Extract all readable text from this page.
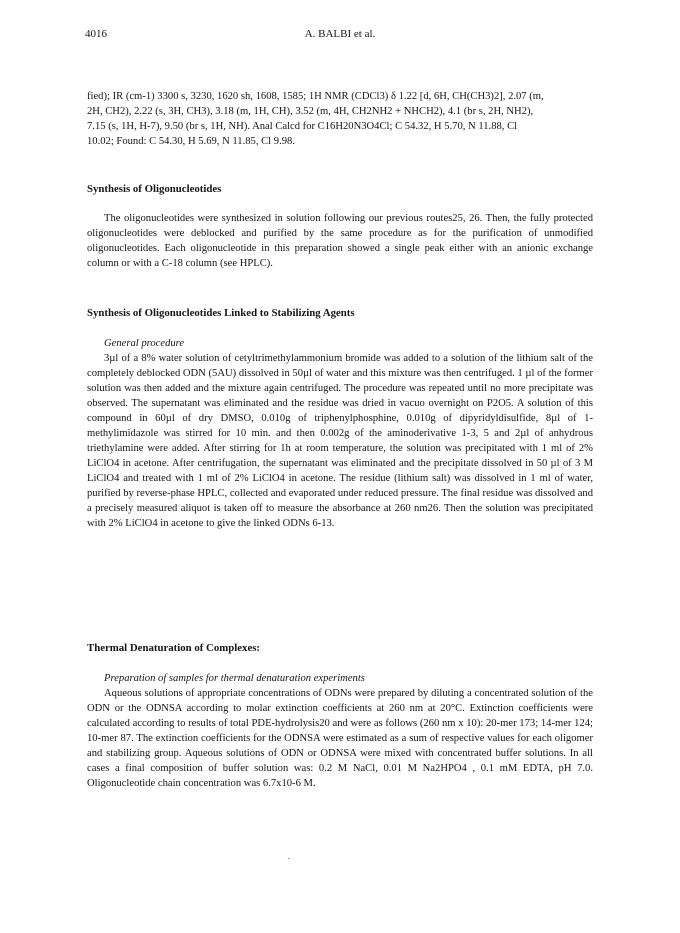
4016	A. BALBI et al.

fied); IR (cm-1) 3300 s, 3230, 1620 sh, 1608, 1585; 1H NMR (CDCl3) δ 1.22 [d, 6H, CH(CH3)2], 2.07 (m,

2H, CH2), 2.22 (s, 3H, CH3), 3.18 (m, 1H, CH), 3.52 (m, 4H, CH2NH2 + NHCH2), 4.1 (br s, 2H, NH2),

7.15 (s, 1H, H-7), 9.50 (br s, 1H, NH). Anal Calcd for C16H20N3O4Cl; C 54.32, H 5.70, N 11.88, Cl

10.02; Found: C 54.30, H 5.69, N 11.85, Cl 9.98.

Synthesis of Oligonucleotides

The oligonucleotides were synthesized in solution following our previous routes25, 26. Then, the fully protected oligonucleotides were deblocked and purified by the same procedure as for the purification of unmodified oligonucleotides. Each oligonucleotide in this preparation showed a single peak either with an anionic exchange column or with a C-18 column (see HPLC).

Synthesis of Oligonucleotides Linked to Stabilizing Agents

General procedure

3µl of a 8% water solution of cetyltrimethylammonium bromide was added to a solution of the lithium salt of the completely deblocked ODN (5AU) dissolved in 50µl of water and this mixture was then centrifuged. 1 µl of the former solution was then added and the mixture again centrifuged. The procedure was repeated until no more precipitate was observed. The supernatant was eliminated and the residue was dried in vacuo overnight on P2O5. A solution of this compound in 60µl of dry DMSO, 0.010g of triphenylphosphine, 0.010g of dipyridyldisulfide, 8µl of 1-methylimidazole was stirred for 10 min. and then 0.002g of the aminoderivative 1-3, 5 and 2µl of anhydrous triethylamine were added. After stirring for 1h at room temperature, the solution was precipitated with 1 ml of 2% LiClO4 in acetone. After centrifugation, the supernatant was eliminated and the precipitate dissolved in 50 µl of 3 M LiClO4 and treated with 1 ml of 2% LiClO4 in acetone. The residue (lithium salt) was dissolved in 1 ml of water, purified by reverse-phase HPLC, collected and evaporated under reduced pressure. The final residue was dissolved and a precisely measured aliquot is taken off to measure the absorbance at 260 nm26. Then the solution was precipitated with 2% LiClO4 in acetone to give the linked ODNs 6-13.

Thermal Denaturation of Complexes:

Preparation of samples for thermal denaturation experiments

Aqueous solutions of appropriate concentrations of ODNs were prepared by diluting a concentrated solution of the ODN or the ODNSA according to molar extinction coefficients at 260 nm at 20°C. Extinction coefficients were calculated according to results of total PDE-hydrolysis20 and were as follows (260 nm x 10): 20-mer 173; 14-mer 124; 10-mer 87. The extinction coefficients for the ODNSA were estimated as a sum of respective values for each oligomer and stabilizing group. Aqueous solutions of ODN or ODNSA were mixed with concentrated buffer solutions. In all cases a final composition of buffer solution was: 0.2 M NaCl, 0.01 M Na2HPO4 , 0.1 mM EDTA, pH 7.0. Oligonucleotide chain concentration was 6.7x10-6 M.
